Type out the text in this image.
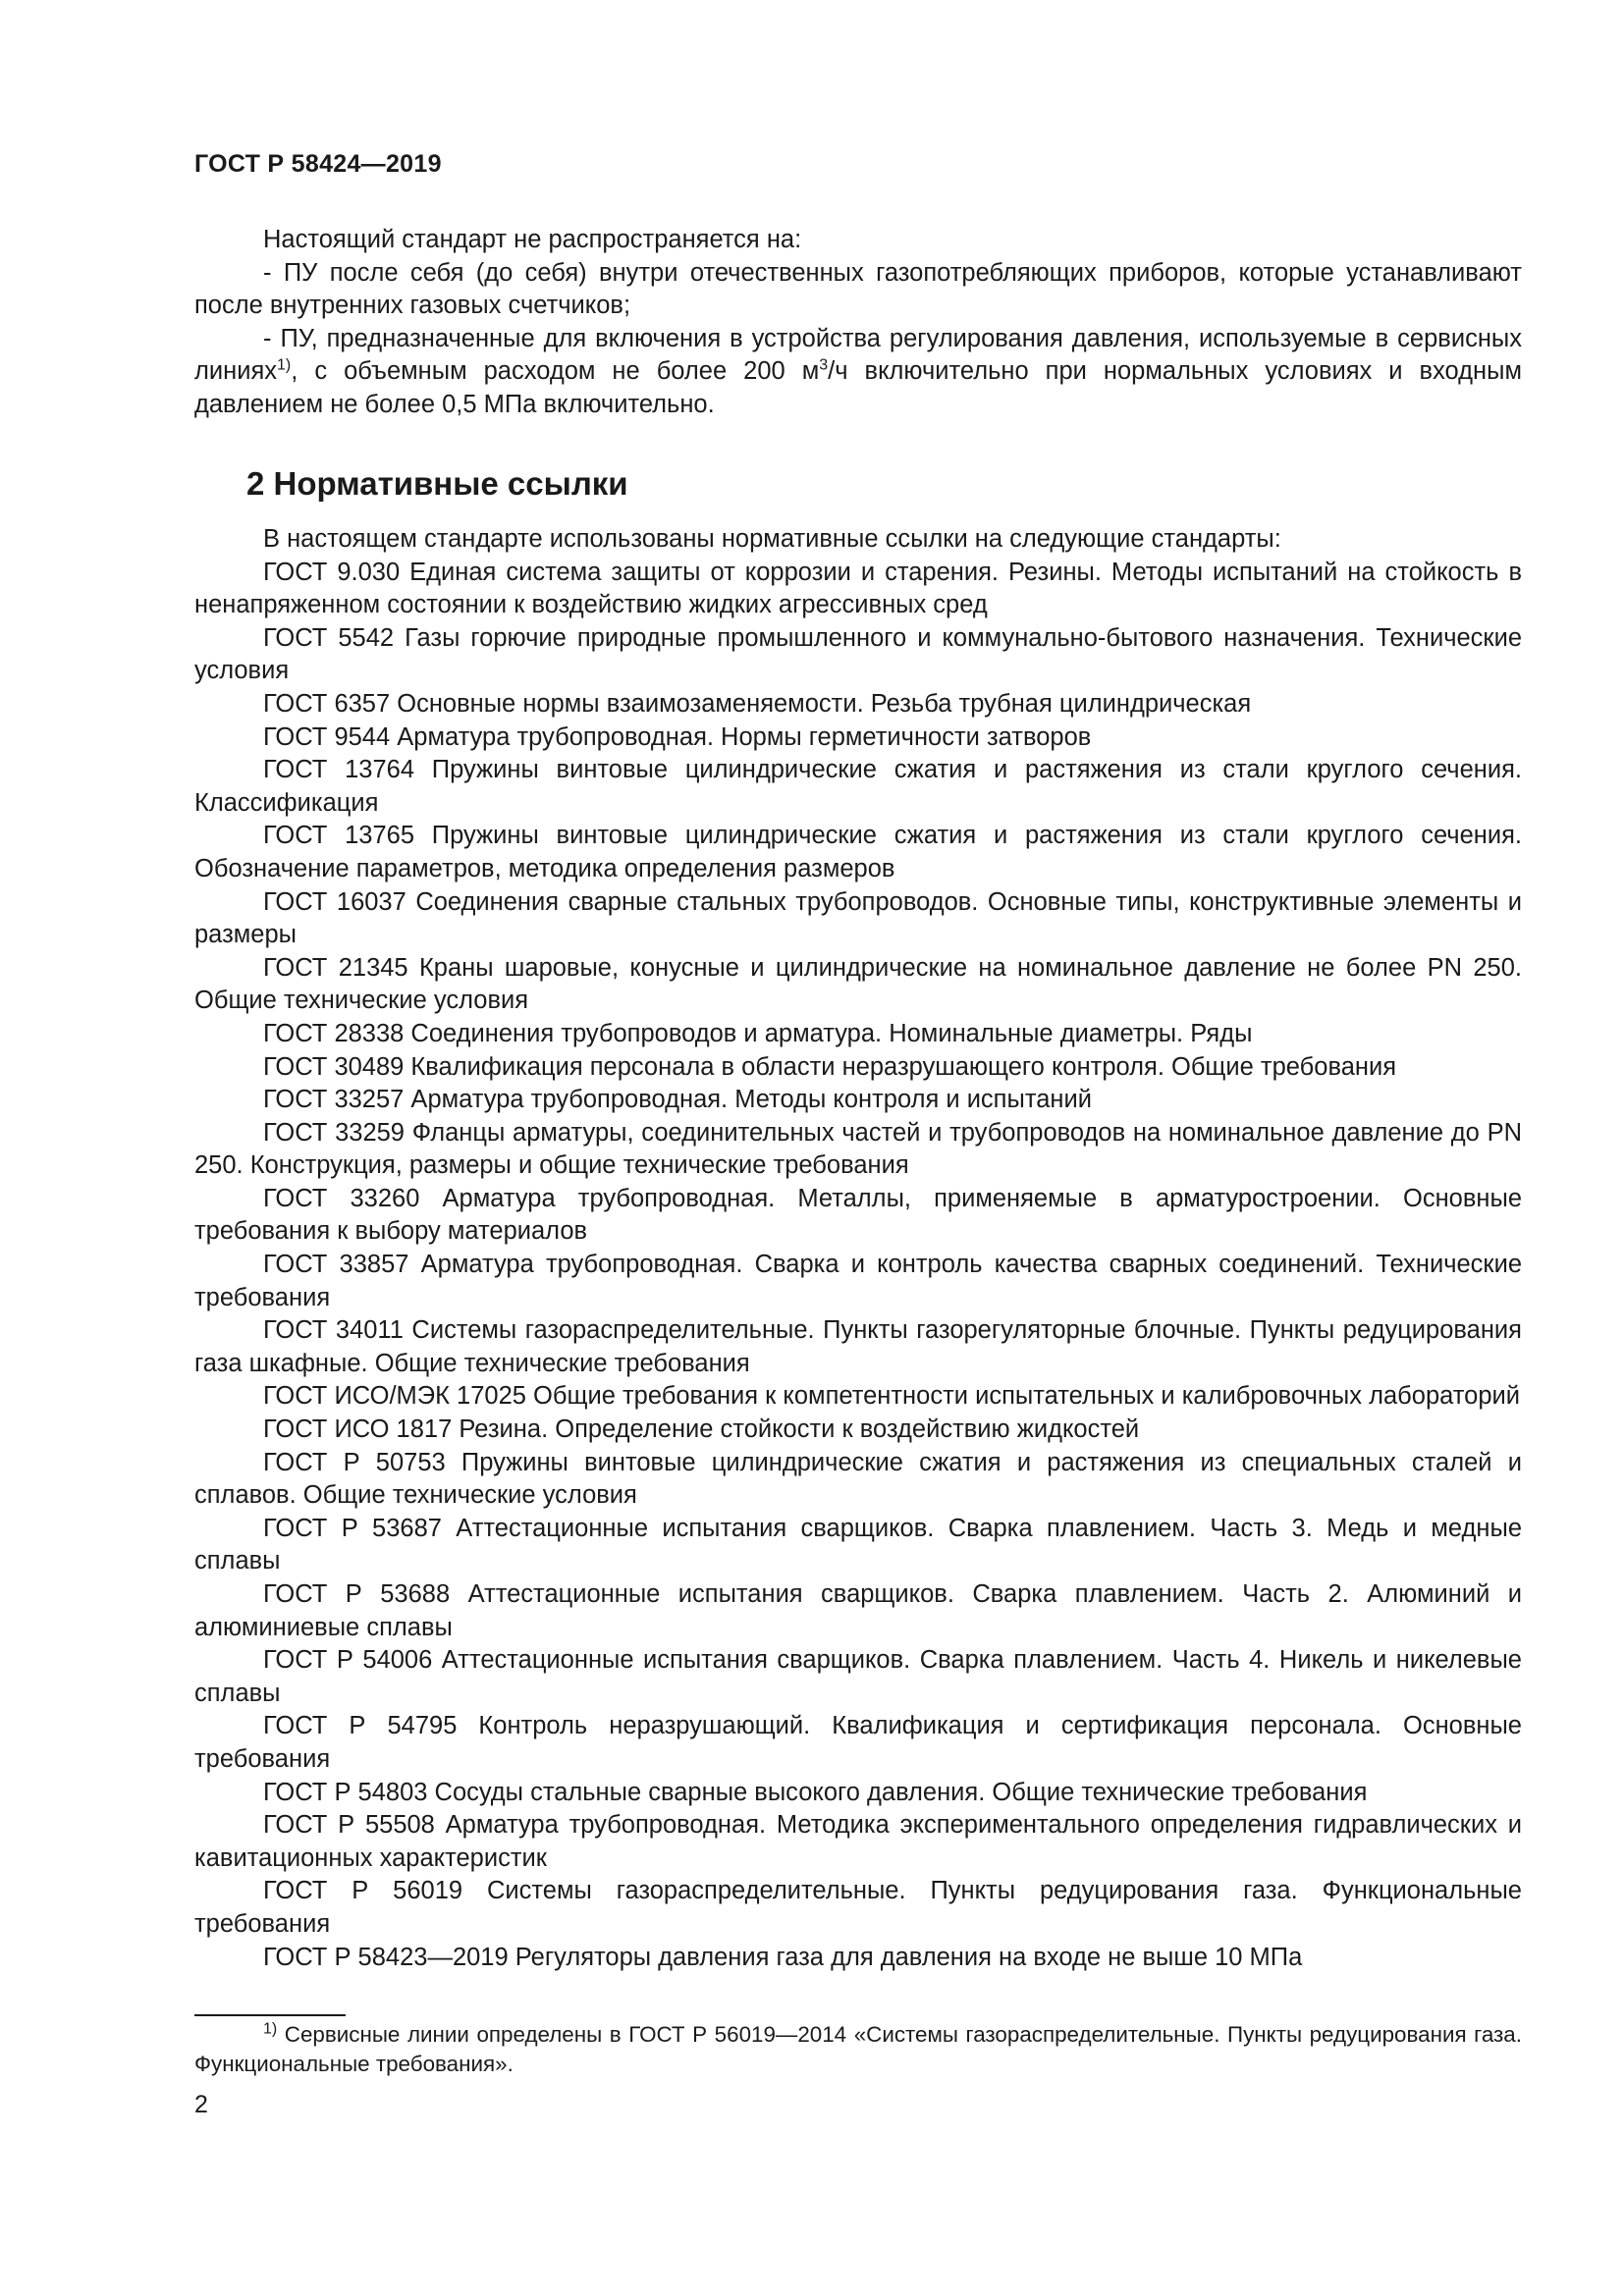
ГОСТ Р 58424—2019

Настоящий стандарт не распространяется на:

- ПУ после себя (до себя) внутри отечественных газопотребляющих приборов, которые устанавливают после внутренних газовых счетчиков;

- ПУ, предназначенные для включения в устройства регулирования давления, используемые в сервисных линиях$^{1)}$, с объемным расходом не более 200 $м^3/ч$ включительно при нормальных условиях и входным давлением не более 0,5 МПа включительно.

2 Нормативные ссылки

В настоящем стандарте использованы нормативные ссылки на следующие стандарты:

ГОСТ 9.030 Единая система защиты от коррозии и старения. Резины. Методы испытаний на стойкость в ненапряженном состоянии к воздействию жидких агрессивных сред

ГОСТ 5542 Газы горючие природные промышленного и коммунально-бытового назначения. Технические условия

ГОСТ 6357 Основные нормы взаимозаменяемости. Резьба трубная цилиндрическая

ГОСТ 9544 Арматура трубопроводная. Нормы герметичности затворов

ГОСТ 13764 Пружины винтовые цилиндрические сжатия и растяжения из стали круглого сечения. Классификация

ГОСТ 13765 Пружины винтовые цилиндрические сжатия и растяжения из стали круглого сечения. Обозначение параметров, методика определения размеров

ГОСТ 16037 Соединения сварные стальных трубопроводов. Основные типы, конструктивные элементы и размеры

ГОСТ 21345 Краны шаровые, конусные и цилиндрические на номинальное давление не более PN 250. Общие технические условия

ГОСТ 28338 Соединения трубопроводов и арматура. Номинальные диаметры. Ряды

ГОСТ 30489 Квалификация персонала в области неразрушающего контроля. Общие требования

ГОСТ 33257 Арматура трубопроводная. Методы контроля и испытаний

ГОСТ 33259 Фланцы арматуры, соединительных частей и трубопроводов на номинальное давление до PN 250. Конструкция, размеры и общие технические требования

ГОСТ 33260 Арматура трубопроводная. Металлы, применяемые в арматуростроении. Основные требования к выбору материалов

ГОСТ 33857 Арматура трубопроводная. Сварка и контроль качества сварных соединений. Технические требования

ГОСТ 34011 Системы газораспределительные. Пункты газорегуляторные блочные. Пункты редуцирования газа шкафные. Общие технические требования

ГОСТ ИСО/МЭК 17025 Общие требования к компетентности испытательных и калибровочных лабораторий

ГОСТ ИСО 1817 Резина. Определение стойкости к воздействию жидкостей

ГОСТ Р 50753 Пружины винтовые цилиндрические сжатия и растяжения из специальных сталей и сплавов. Общие технические условия

ГОСТ Р 53687 Аттестационные испытания сварщиков. Сварка плавлением. Часть 3. Медь и медные сплавы

ГОСТ Р 53688 Аттестационные испытания сварщиков. Сварка плавлением. Часть 2. Алюминий и алюминиевые сплавы

ГОСТ Р 54006 Аттестационные испытания сварщиков. Сварка плавлением. Часть 4. Никель и никелевые сплавы

ГОСТ Р 54795 Контроль неразрушающий. Квалификация и сертификация персонала. Основные требования

ГОСТ Р 54803 Сосуды стальные сварные высокого давления. Общие технические требования

ГОСТ Р 55508 Арматура трубопроводная. Методика экспериментального определения гидравлических и кавитационных характеристик

ГОСТ Р 56019 Системы газораспределительные. Пункты редуцирования газа. Функциональные требования

ГОСТ Р 58423—2019 Регуляторы давления газа для давления на входе не выше 10 МПа

$^{1)}$ Сервисные линии определены в ГОСТ Р 56019—2014 «Системы газораспределительные. Пункты редуцирования газа. Функциональные требования».

2
